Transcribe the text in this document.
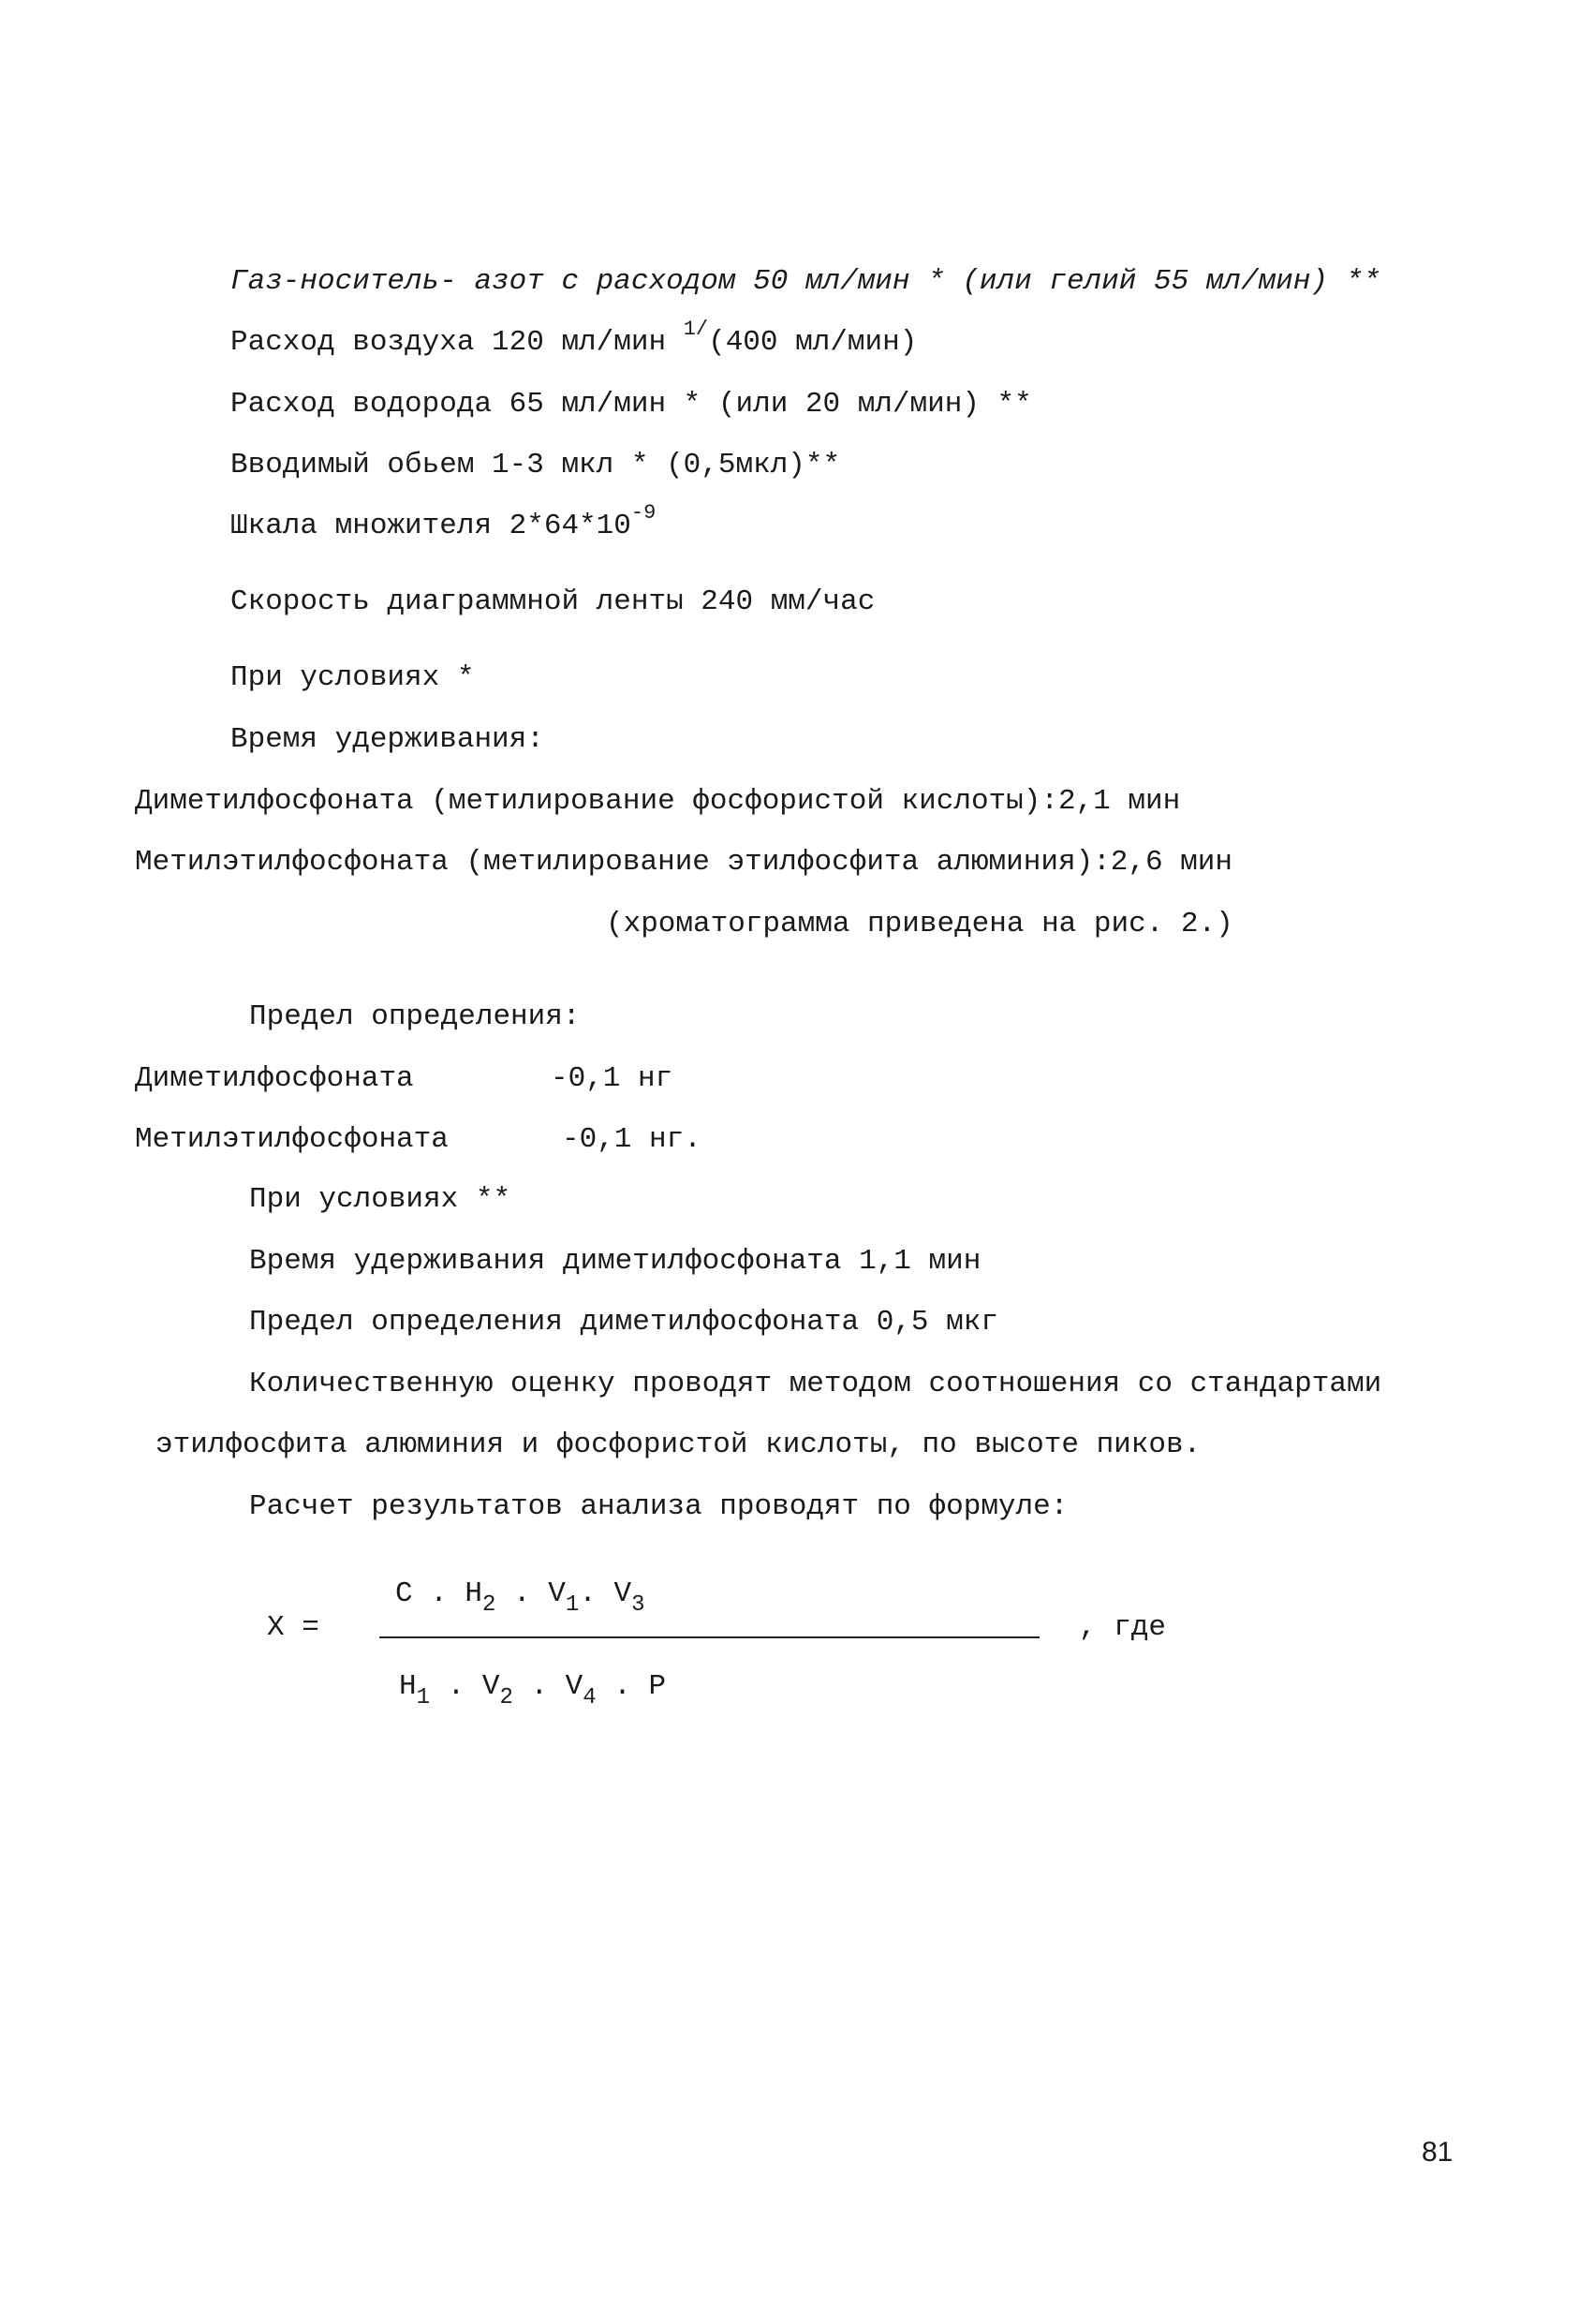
Газ-носитель- азот с расходом 50 мл/мин * (или гелий 55 мл/мин) **
Расход воздуха 120 мл/мин $^{1/}$(400 мл/мин)
Расход водорода 65 мл/мин * (или 20 мл/мин) **
Вводимый обьем 1-3 мкл * (0,5мкл)**
Шкала множителя $2*64*10^{-9}$
Скорость диаграммной ленты 240 мм/час
При условиях *
Время удерживания:
Диметилфосфоната (метилирование фосфористой кислоты):2,1 мин
Метилэтилфосфоната (метилирование этилфосфита алюминия):2,6 мин
(хроматограмма приведена на рис. 2.)
Предел определения:
Диметилфосфоната	-0,1 нг
Метилэтилфосфоната	-0,1 нг.
При условиях **
Время удерживания диметилфосфоната 1,1 мин
Предел определения диметилфосфоната 0,5 мкг
Количественную оценку проводят методом соотношения со стандартами
этилфосфита алюминия и фосфористой кислоты, по высоте пиков.
Расчет результатов анализа проводят по формуле:
X =
C . $H_2$ . $V_1$. $V_3$
$H_1$ . $V_2$ . $V_4$ . P
, где
81
